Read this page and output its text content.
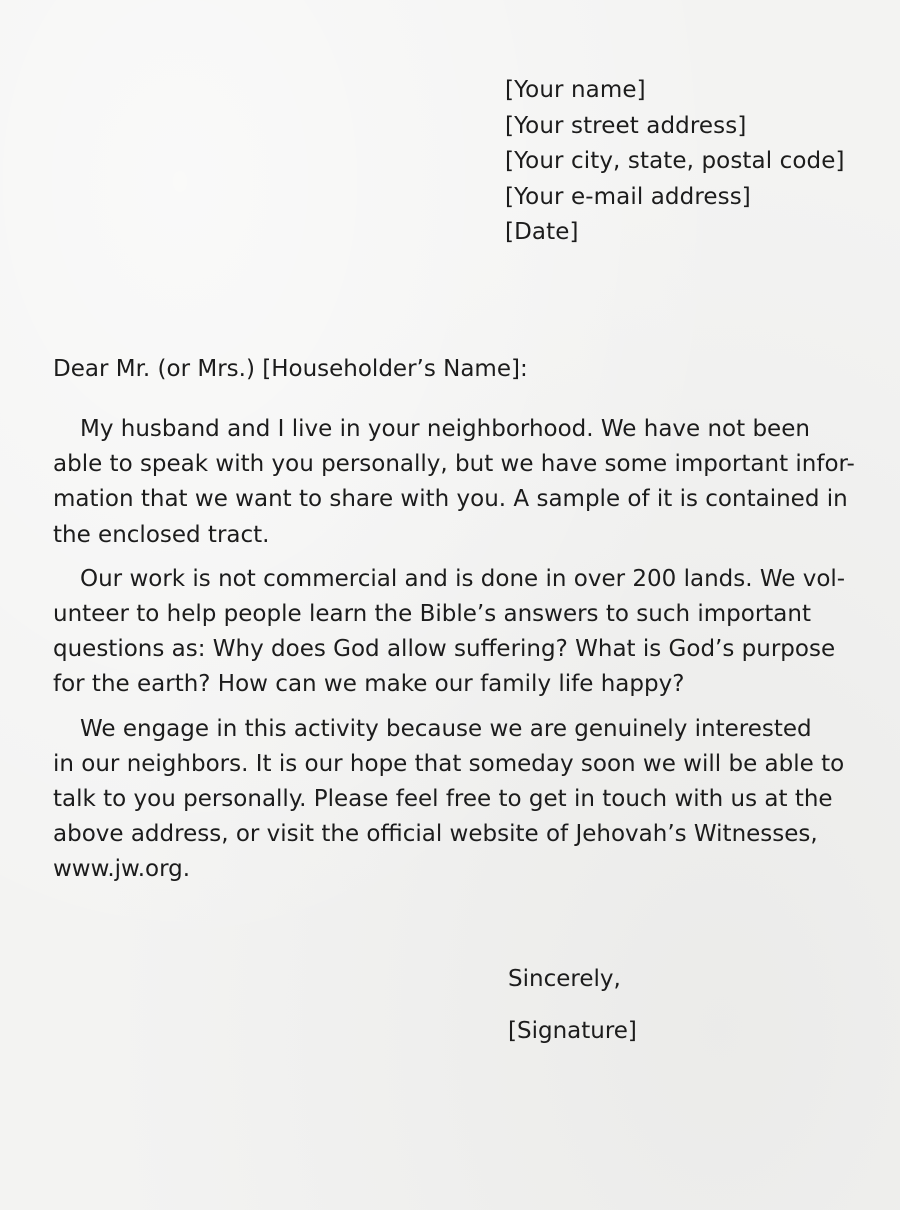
[Your name]
[Your street address]
[Your city, state, postal code]
[Your e-mail address]
[Date]
Dear Mr. (or Mrs.) [Householder’s Name]:
My husband and I live in your neighborhood. We have not been
able to speak with you personally, but we have some important infor-
mation that we want to share with you. A sample of it is contained in
the enclosed tract.
Our work is not commercial and is done in over 200 lands. We vol-
unteer to help people learn the Bible’s answers to such important
questions as: Why does God allow suffering? What is God’s purpose
for the earth? How can we make our family life happy?
We engage in this activity because we are genuinely interested
in our neighbors. It is our hope that someday soon we will be able to
talk to you personally. Please feel free to get in touch with us at the
above address, or visit the official website of Jehovah’s Witnesses,
www.jw.org.
Sincerely,
[Signature]
